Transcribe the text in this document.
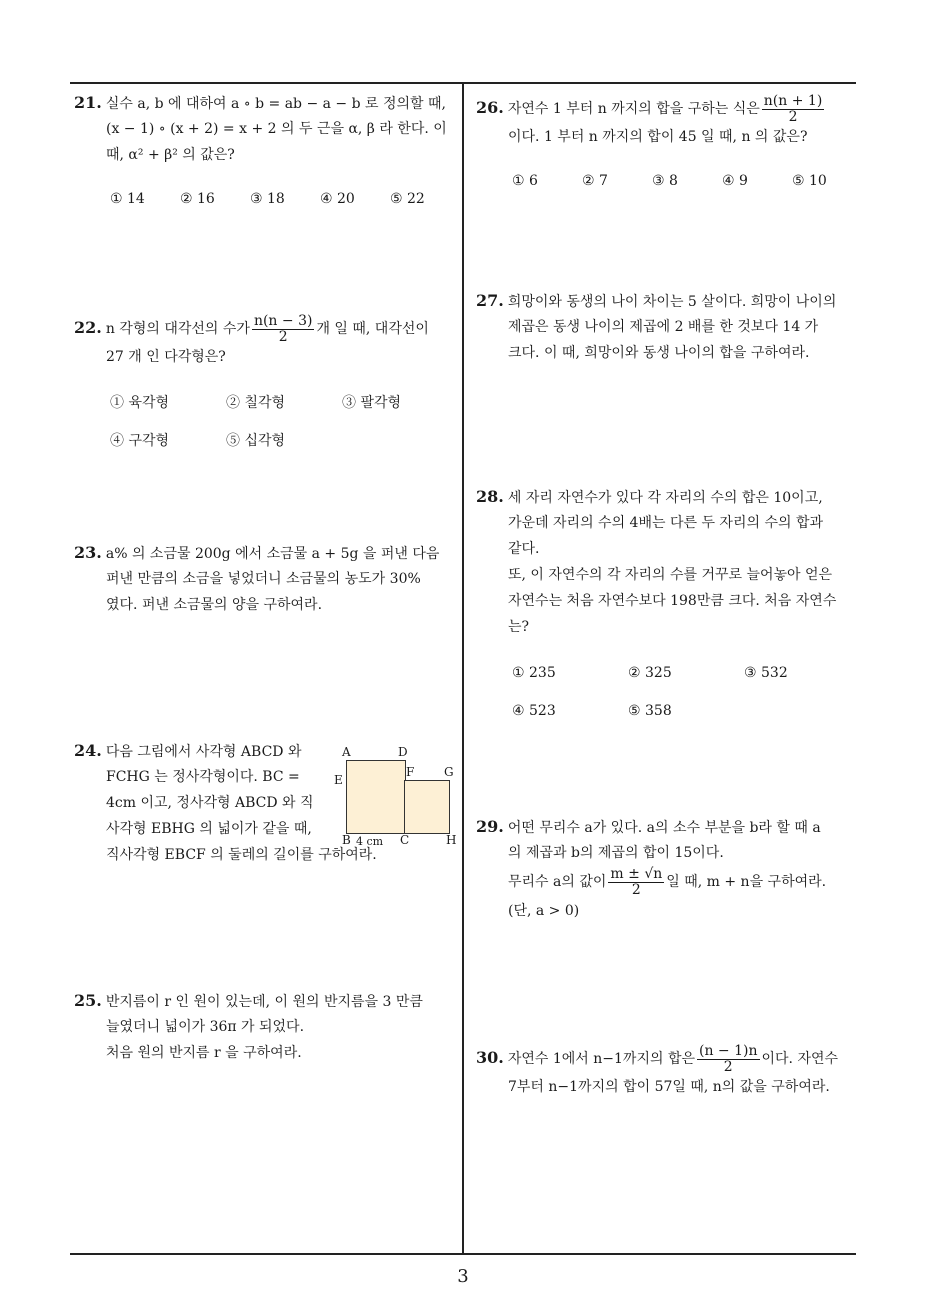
21. 실수 a, b 에 대하여 a ∘ b = ab − a − b 로 정의할 때,
(x − 1) ∘ (x + 2) = x + 2 의 두 근을 α, β 라 한다. 이
때, α² + β² 의 값은?
① 14	② 16	③ 18	④ 20	⑤ 22
22. n 각형의 대각선의 수가 $\frac{n(n - 3)}{2}$ 개 일 때, 대각선이
27 개 인 다각형은?
① 육각형	② 칠각형	③ 팔각형
④ 구각형	⑤ 십각형
23. a% 의 소금물 200g 에서 소금물 a + 5g 을 퍼낸 다음
퍼낸 만큼의 소금을 넣었더니 소금물의 농도가 30%
였다. 퍼낸 소금물의 양을 구하여라.
24. 다음 그림에서 사각형 ABCD 와
FCHG 는 정사각형이다. BC =
4cm 이고, 정사각형 ABCD 와 직
사각형 EBHG 의 넓이가 같을 때,
직사각형 EBCF 의 둘레의 길이를 구하여라.
A	D
E
F G
B 4 cm C	H
25. 반지름이 r 인 원이 있는데, 이 원의 반지름을 3 만큼
늘였더니 넓이가 36π 가 되었다.
처음 원의 반지름 r 을 구하여라.
26. 자연수 1 부터 n 까지의 합을 구하는 식은 $\frac{n(n + 1)}{2}$
이다. 1 부터 n 까지의 합이 45 일 때, n 의 값은?
① 6	② 7	③ 8	④ 9	⑤ 10
27. 희망이와 동생의 나이 차이는 5 살이다. 희망이 나이의
제곱은 동생 나이의 제곱에 2 배를 한 것보다 14 가
크다. 이 때, 희망이와 동생 나이의 합을 구하여라.
28. 세 자리 자연수가 있다 각 자리의 수의 합은 10이고,
가운데 자리의 수의 4배는 다른 두 자리의 수의 합과
같다.
또, 이 자연수의 각 자리의 수를 거꾸로 늘어놓아 얻은
자연수는 처음 자연수보다 198만큼 크다. 처음 자연수
는?
① 235	② 325	③ 532
④ 523	⑤ 358
29. 어떤 무리수 a가 있다. a의 소수 부분을 b라 할 때 a
의 제곱과 b의 제곱의 합이 15이다.
무리수 a의 값이 $\frac{m \pm √n}{2}$ 일 때, m + n을 구하여라.
(단, a > 0)
30. 자연수 1에서 n−1까지의 합은 $\frac{(n - 1)n}{2}$ 이다. 자연수
7부터 n−1까지의 합이 57일 때, n의 값을 구하여라.
3
